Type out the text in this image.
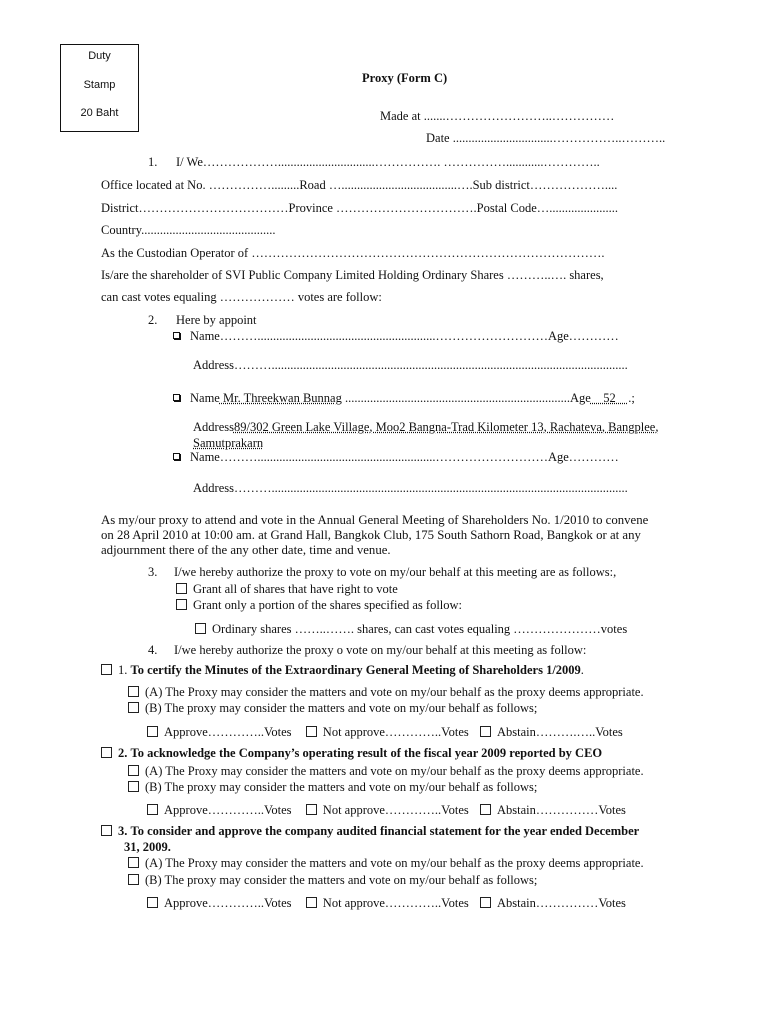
Duty
Stamp
20 Baht
Proxy (Form C)
Made at .......……………………..……………
Date ................................……………..………..
1. I/ We………………...............................……………. ……………............…………..
Office located at No. …………….........Road ….....................................….Sub district………………....
District………………………………Province …………………………….Postal Code…......................
Country...........................................
As the Custodian Operator of ………………………………………………………………………….
Is/are the shareholder of SVI Public Company Limited Holding Ordinary Shares ………..…. shares,
can cast votes equaling ……………… votes are follow:
2. Here by appoint
Name……….........................................................………………………Age…………
Address………..................................................................................................................
Name Mr. Threekwan Bunnag ........................................................................Age    52    .;
Address89/302 Green Lake Village, Moo2 Bangna-Trad Kilometer 13, Rachateva, Bangplee,
Samutprakarn
Name……….........................................................………………………Age…………
Address………..................................................................................................................
As my/our proxy to attend and vote in the Annual General Meeting of Shareholders No. 1/2010 to convene
on 28 April 2010 at 10:00 am. at Grand Hall, Bangkok Club, 175 South Sathorn Road, Bangkok or at any
adjournment there of the any other date, time and venue.
3. I/we hereby authorize the proxy to vote on my/our behalf at this meeting are as follows:,
Grant all of shares that have right to vote
Grant only a portion of the shares specified as follow:
Ordinary shares ……..……. shares, can cast votes equaling …………………votes
4. I/we hereby authorize the proxy o vote on my/our behalf at this meeting as follow:
1. To certify the Minutes of the Extraordinary General Meeting of Shareholders 1/2009.
(A) The Proxy may consider the matters and vote on my/our behalf as the proxy deems appropriate.
(B) The proxy may consider the matters and vote on my/our behalf as follows;
Approve…………..Votes	Not approve…………..Votes Abstain……….…..Votes
2. To acknowledge the Company’s operating result of the fiscal year 2009 reported by CEO
(A) The Proxy may consider the matters and vote on my/our behalf as the proxy deems appropriate.
(B) The proxy may consider the matters and vote on my/our behalf as follows;
Approve…………..Votes	Not approve…………..Votes Abstain……………Votes
3. To consider and approve the company audited financial statement for the year ended December
31, 2009.
(A) The Proxy may consider the matters and vote on my/our behalf as the proxy deems appropriate.
(B) The proxy may consider the matters and vote on my/our behalf as follows;
Approve…………..Votes	Not approve…………..Votes Abstain……………Votes
